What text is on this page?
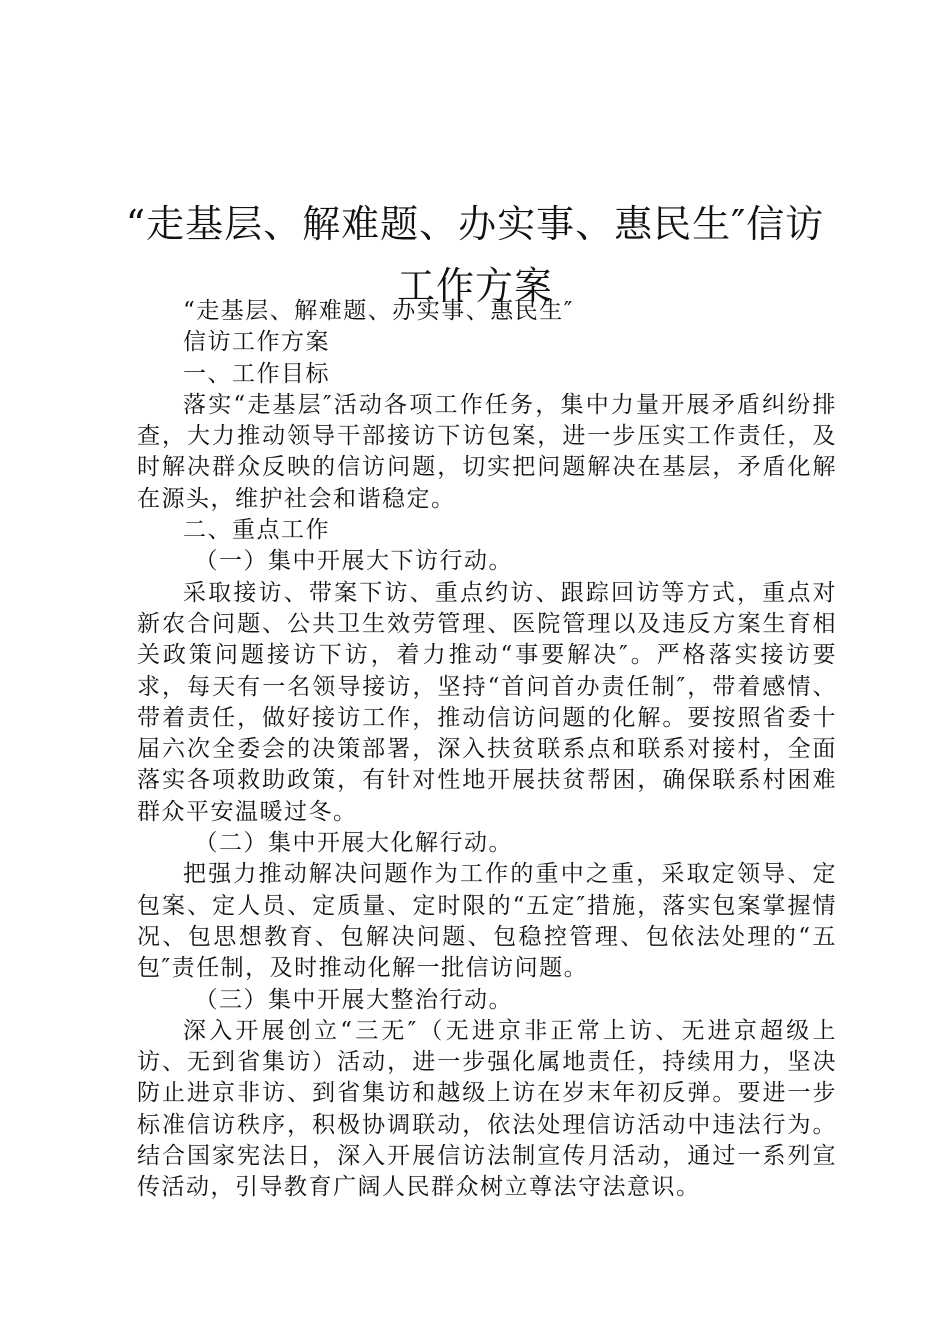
“走基层、解难题、办实事、惠民生″信访工作方案

“走基层、解难题、办实事、惠民生″

信访工作方案

一、工作目标

落实“走基层″活动各项工作任务，集中力量开展矛盾纠纷排查，大力推动领导干部接访下访包案，进一步压实工作责任，及时解决群众反映的信访问题，切实把问题解决在基层，矛盾化解在源头，维护社会和谐稳定。

二、重点工作

（一）集中开展大下访行动。

采取接访、带案下访、重点约访、跟踪回访等方式，重点对新农合问题、公共卫生效劳管理、医院管理以及违反方案生育相关政策问题接访下访，着力推动“事要解决″。严格落实接访要求，每天有一名领导接访，坚持“首问首办责任制″，带着感情、带着责任，做好接访工作，推动信访问题的化解。要按照省委十届六次全委会的决策部署，深入扶贫联系点和联系对接村，全面落实各项救助政策，有针对性地开展扶贫帮困，确保联系村困难群众平安温暖过冬。

（二）集中开展大化解行动。

把强力推动解决问题作为工作的重中之重，采取定领导、定包案、定人员、定质量、定时限的“五定″措施，落实包案掌握情况、包思想教育、包解决问题、包稳控管理、包依法处理的“五包″责任制，及时推动化解一批信访问题。

（三）集中开展大整治行动。

深入开展创立“三无″（无进京非正常上访、无进京超级上访、无到省集访）活动，进一步强化属地责任，持续用力，坚决防止进京非访、到省集访和越级上访在岁末年初反弹。要进一步标准信访秩序，积极协调联动，依法处理信访活动中违法行为。结合国家宪法日，深入开展信访法制宣传月活动，通过一系列宣传活动，引导教育广阔人民群众树立尊法守法意识。
